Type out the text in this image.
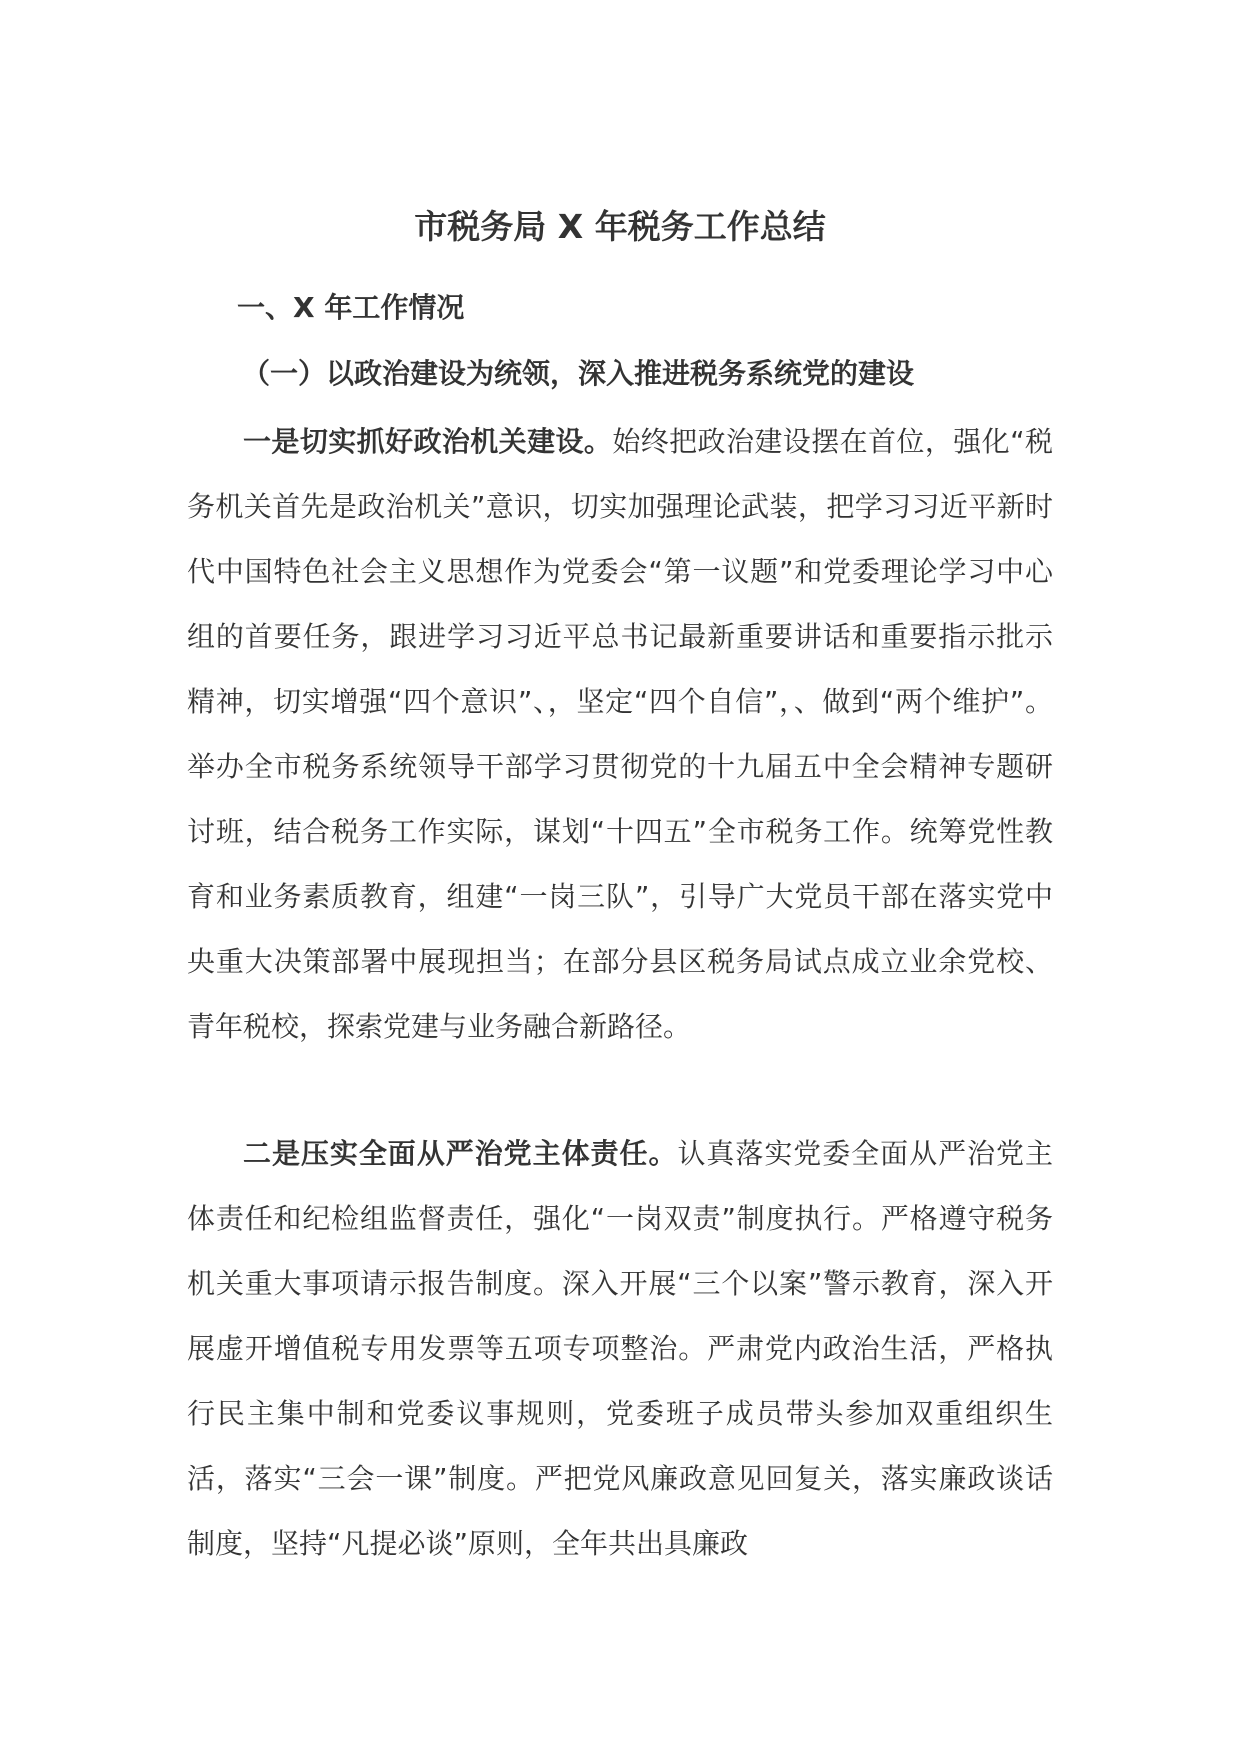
市税务局 X 年税务工作总结
一、X 年工作情况
（一）以政治建设为统领，深入推进税务系统党的建设

一是切实抓好政治机关建设。始终把政治建设摆在首位，强化“税务机关首先是政治机关”意识，切实加强理论武装，把学习习近平新时代中国特色社会主义思想作为党委会“第一议题”和党委理论学习中心组的首要任务，跟进学习习近平总书记最新重要讲话和重要指示批示精神，切实增强“四个意识”、，坚定“四个自信”，、做到“两个维护”。举办全市税务系统领导干部学习贯彻党的十九届五中全会精神专题研讨班，结合税务工作实际，谋划“十四五”全市税务工作。统筹党性教育和业务素质教育，组建“一岗三队”，引导广大党员干部在落实党中央重大决策部署中展现担当；在部分县区税务局试点成立业余党校、青年税校，探索党建与业务融合新路径。

二是压实全面从严治党主体责任。认真落实党委全面从严治党主体责任和纪检组监督责任，强化“一岗双责”制度执行。严格遵守税务机关重大事项请示报告制度。深入开展“三个以案”警示教育，深入开展虚开增值税专用发票等五项专项整治。严肃党内政治生活，严格执行民主集中制和党委议事规则，党委班子成员带头参加双重组织生活，落实“三会一课”制度。严把党风廉政意见回复关，落实廉政谈话制度，坚持“凡提必谈”原则，全年共出具廉政
